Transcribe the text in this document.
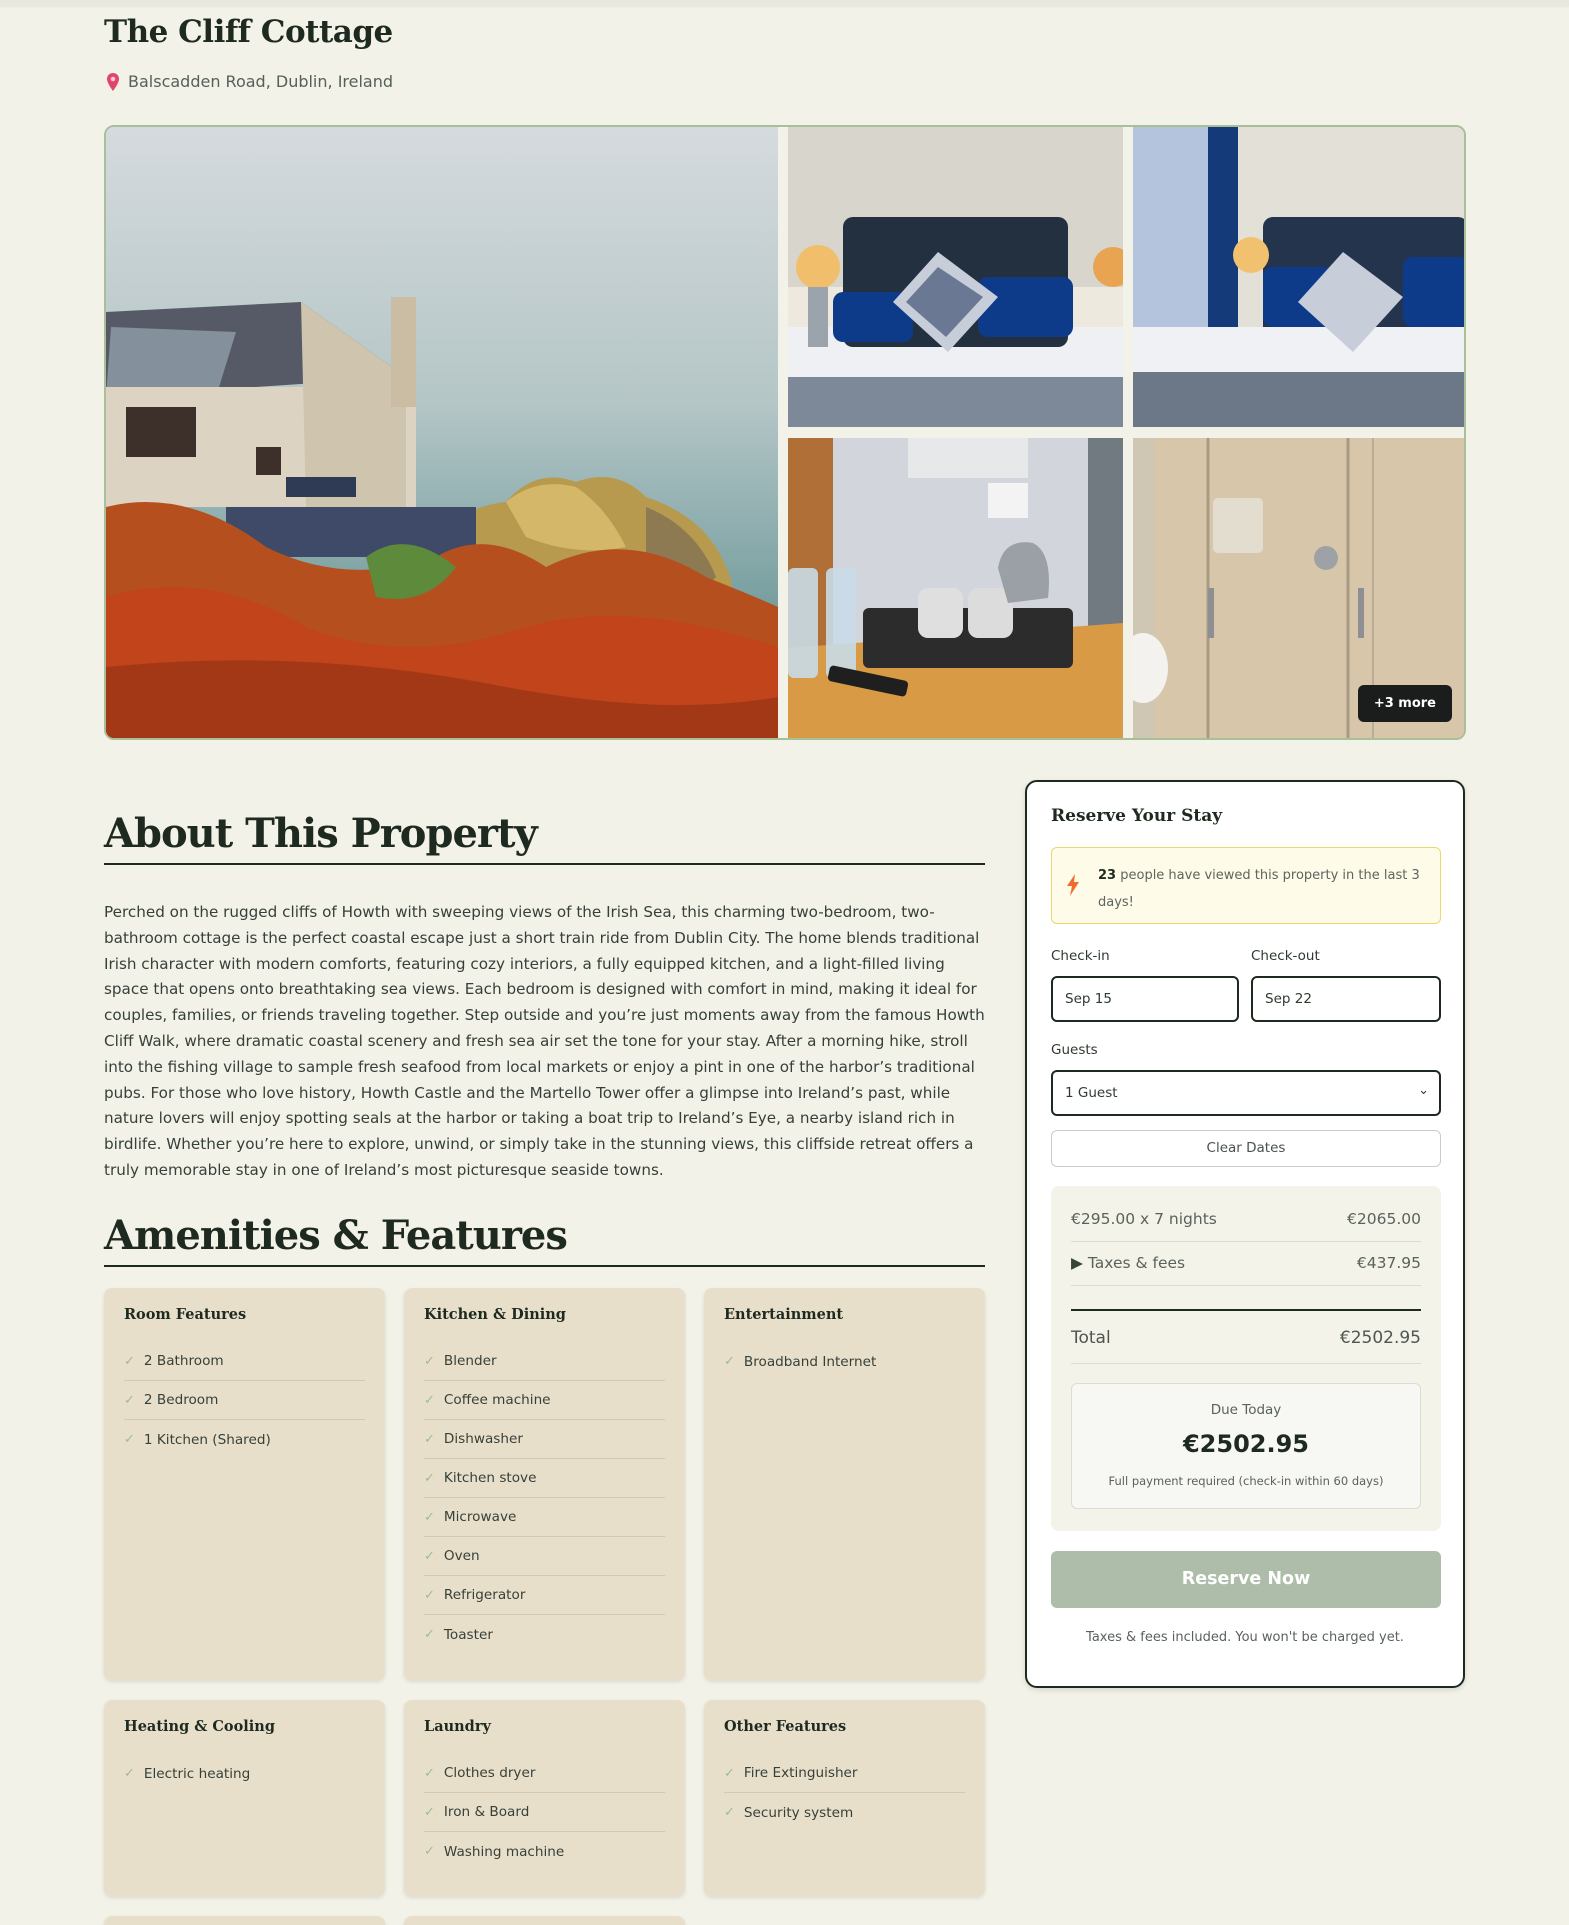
The Cliff Cottage
Balscadden Road, Dublin, Ireland
+3 more
About This Property

Perched on the rugged cliffs of Howth with sweeping views of the Irish Sea, this charming two-bedroom, two-bathroom cottage is the perfect coastal escape just a short train ride from Dublin City. The home blends traditional Irish character with modern comforts, featuring cozy interiors, a fully equipped kitchen, and a light-filled living space that opens onto breathtaking sea views. Each bedroom is designed with comfort in mind, making it ideal for couples, families, or friends traveling together. Step outside and you’re just moments away from the famous Howth Cliff Walk, where dramatic coastal scenery and fresh sea air set the tone for your stay. After a morning hike, stroll into the fishing village to sample fresh seafood from local markets or enjoy a pint in one of the harbor’s traditional pubs. For those who love history, Howth Castle and the Martello Tower offer a glimpse into Ireland’s past, while nature lovers will enjoy spotting seals at the harbor or taking a boat trip to Ireland’s Eye, a nearby island rich in birdlife. Whether you’re here to explore, unwind, or simply take in the stunning views, this cliffside retreat offers a truly memorable stay in one of Ireland’s most picturesque seaside towns.

Amenities & Features
Room Features
✓ 2 Bathroom
✓ 2 Bedroom
✓ 1 Kitchen (Shared)
Kitchen & Dining
✓ Blender
✓ Coffee machine
✓ Dishwasher
✓ Kitchen stove
✓ Microwave
✓ Oven
✓ Refrigerator
✓ Toaster
Entertainment
✓ Broadband Internet
Heating & Cooling
✓ Electric heating
Laundry
✓ Clothes dryer
✓ Iron & Board
✓ Washing machine
Other Features
✓ Fire Extinguisher
✓ Security system
Reserve Your Stay
23 people have viewed this property in the last 3 days!
Check-in
Sep 15
Check-out
Sep 22
Guests
1 Guest	⌄
Clear Dates
€295.00 x 7 nights	€2065.00
▶ Taxes & fees	€437.95
Total	€2502.95
Due Today
€2502.95
Full payment required (check-in within 60 days)
Reserve Now
Taxes & fees included. You won't be charged yet.
